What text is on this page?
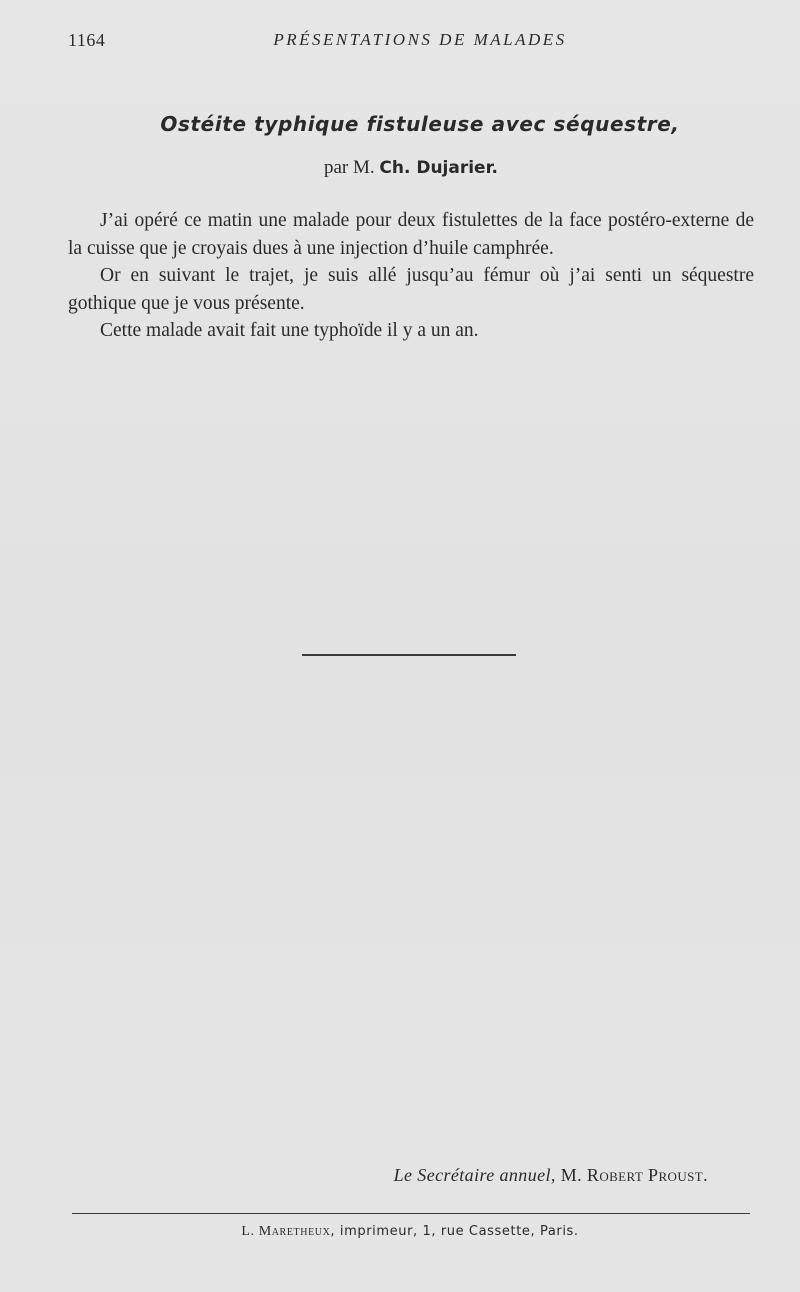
1164	PRÉSENTATIONS DE MALADES
Ostéite typhique fistuleuse avec séquestre,
par M. Ch. Dujarier.

J’ai opéré ce matin une malade pour deux fistulettes de la face postéro-externe de la cuisse que je croyais dues à une injection d’huile camphrée.

Or en suivant le trajet, je suis allé jusqu’au fémur où j’ai senti un séquestre gothique que je vous présente.

Cette malade avait fait une typhoïde il y a un an.

Le Secrétaire annuel, M. Robert Proust.
L. Maretheux, imprimeur, 1, rue Cassette, Paris.
